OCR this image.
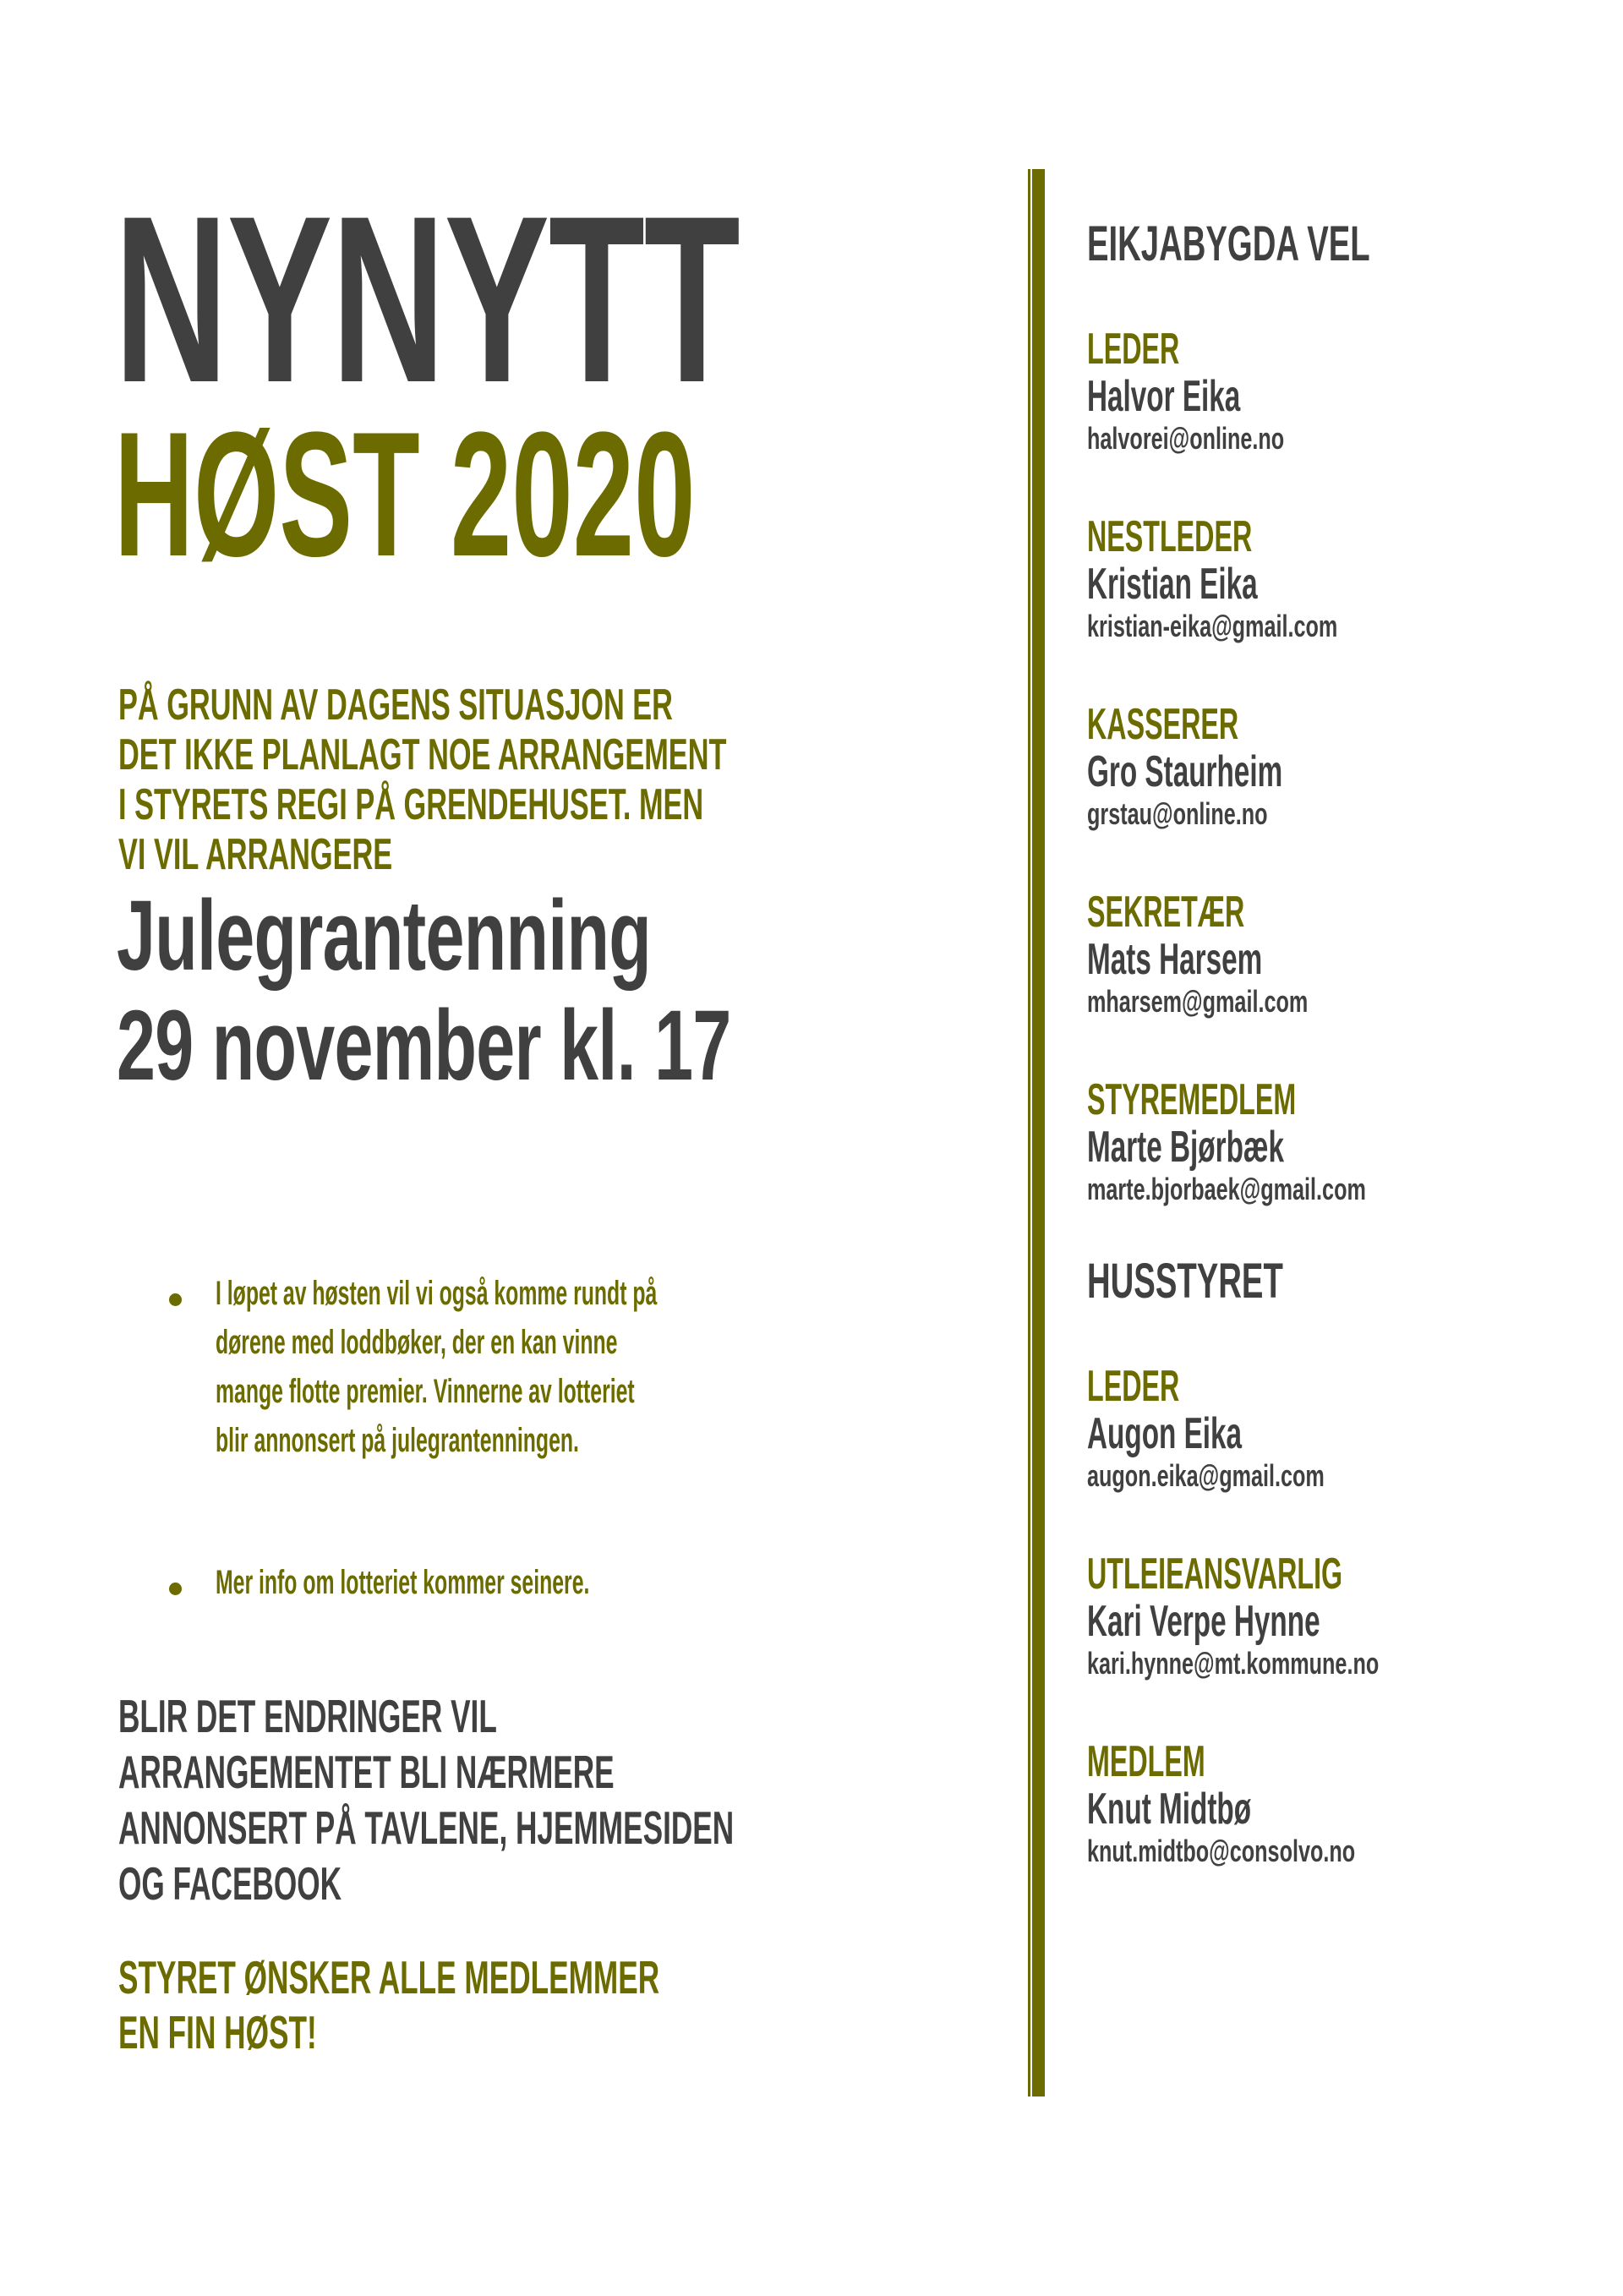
NYNYTT
HØST 2020
PÅ GRUNN AV DAGENS SITUASJON ER
DET IKKE PLANLAGT NOE ARRANGEMENT
I STYRETS REGI PÅ GRENDEHUSET. MEN
VI VIL ARRANGERE
Julegrantenning
29 november kl. 17
I løpet av høsten vil vi også komme rundt på
dørene med loddbøker, der en kan vinne
mange flotte premier. Vinnerne av lotteriet
blir annonsert på julegrantenningen.
Mer info om lotteriet kommer seinere.
BLIR DET ENDRINGER VIL
ARRANGEMENTET BLI NÆRMERE
ANNONSERT PÅ TAVLENE, HJEMMESIDEN
OG FACEBOOK
STYRET ØNSKER ALLE MEDLEMMER
EN FIN HØST!
EIKJABYGDA VEL
LEDER
Halvor Eika
halvorei@online.no
NESTLEDER
Kristian Eika
kristian-eika@gmail.com
KASSERER
Gro Staurheim
grstau@online.no
SEKRETÆR
Mats Harsem
mharsem@gmail.com
STYREMEDLEM
Marte Bjørbæk
marte.bjorbaek@gmail.com
HUSSTYRET
LEDER
Augon Eika
augon.eika@gmail.com
UTLEIEANSVARLIG
Kari Verpe Hynne
kari.hynne@mt.kommune.no
MEDLEM
Knut Midtbø
knut.midtbo@consolvo.no
